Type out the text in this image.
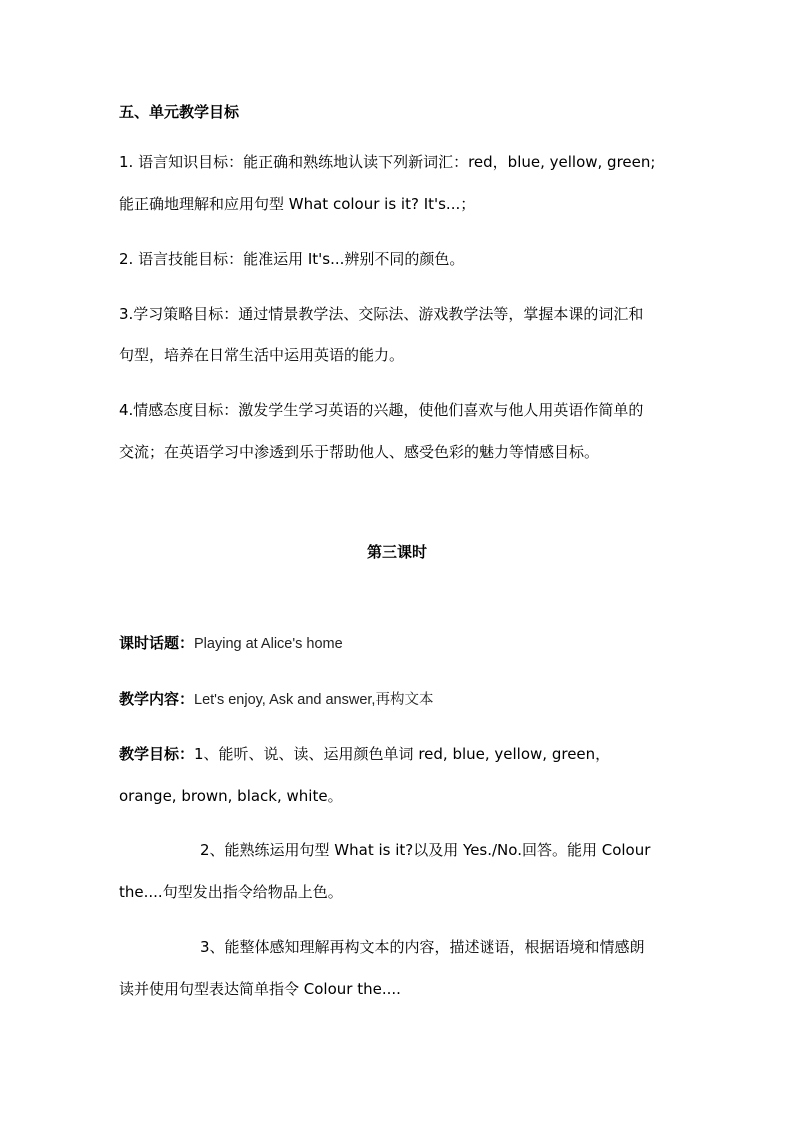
五、单元教学目标
1. 语言知识目标：能正确和熟练地认读下列新词汇：red，blue, yellow, green;
能正确地理解和应用句型 What colour is it? It's...；
2. 语言技能目标：能准运用 It's...辨别不同的颜色。
3.学习策略目标：通过情景教学法、交际法、游戏教学法等，掌握本课的词汇和
句型，培养在日常生活中运用英语的能力。
4.情感态度目标：激发学生学习英语的兴趣，使他们喜欢与他人用英语作简单的
交流；在英语学习中渗透到乐于帮助他人、感受色彩的魅力等情感目标。
第三课时
课时话题：Playing at Alice's home
教学内容：Let's enjoy, Ask and answer,再构文本
教学目标：1、能听、说、读、运用颜色单词 red, blue, yellow, green，
orange, brown, black, white。
2、能熟练运用句型 What is it?以及用 Yes./No.回答。能用 Colour
the....句型发出指令给物品上色。
3、能整体感知理解再构文本的内容，描述谜语，根据语境和情感朗
读并使用句型表达简单指令 Colour the....
